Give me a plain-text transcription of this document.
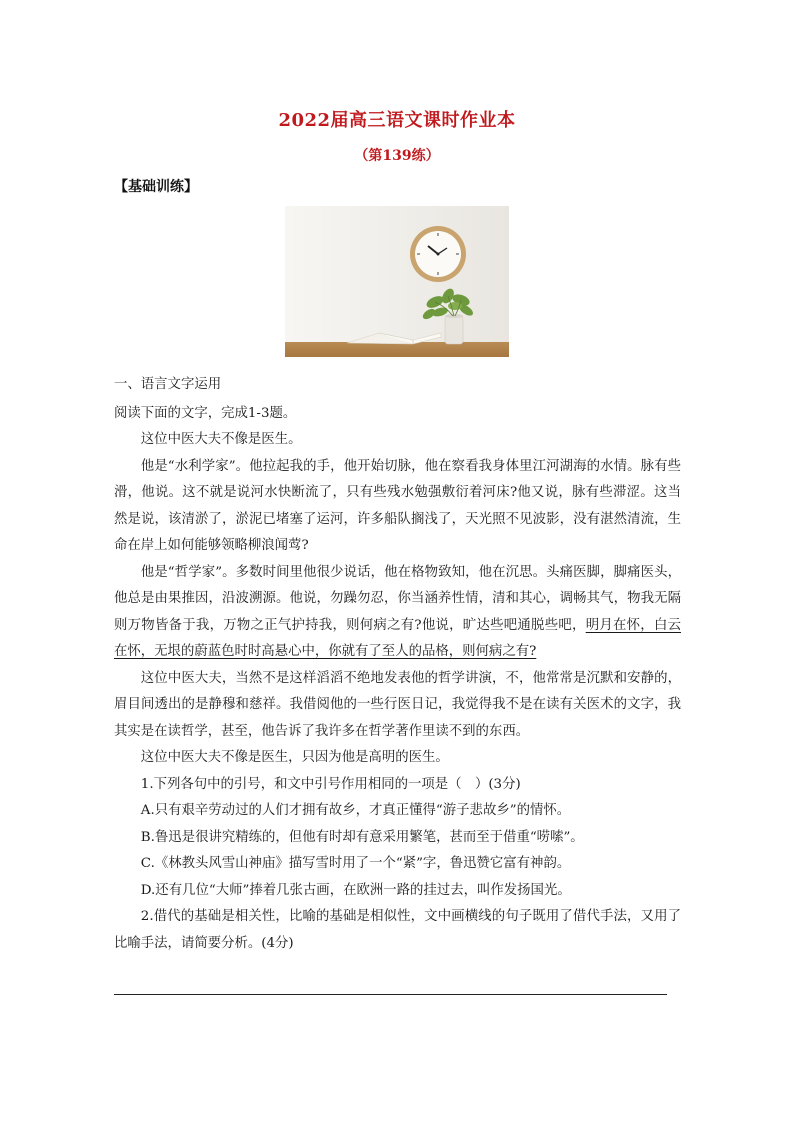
2022届高三语文课时作业本
（第139练）
【基础训练】

一、语言文字运用

阅读下面的文字，完成1-3题。

这位中医大夫不像是医生。

他是“水利学家”。他拉起我的手，他开始切脉，他在察看我身体里江河湖海的水情。脉有些滑，他说。这不就是说河水快断流了，只有些残水勉强敷衍着河床?他又说，脉有些滞涩。这当然是说，该清淤了，淤泥已堵塞了运河，许多船队搁浅了，天光照不见波影，没有湛然清流，生命在岸上如何能够领略柳浪闻莺?

他是“哲学家”。多数时间里他很少说话，他在格物致知，他在沉思。头痛医脚，脚痛医头，他总是由果推因，沿波溯源。他说，勿躁勿忍，你当涵养性情，清和其心，调畅其气，物我无隔则万物皆备于我，万物之正气护持我，则何病之有?他说，旷达些吧通脱些吧，明月在怀，白云在怀，无垠的蔚蓝色时时高悬心中，你就有了至人的品格，则何病之有?

这位中医大夫，当然不是这样滔滔不绝地发表他的哲学讲演，不，他常常是沉默和安静的，眉目间透出的是静穆和慈祥。我借阅他的一些行医日记，我觉得我不是在读有关医术的文字，我其实是在读哲学，甚至，他告诉了我许多在哲学著作里读不到的东西。

这位中医大夫不像是医生，只因为他是高明的医生。

1.下列各句中的引号，和文中引号作用相同的一项是（　）(3分)

A.只有艰辛劳动过的人们才拥有故乡，才真正懂得“游子悲故乡”的情怀。

B.鲁迅是很讲究精练的，但他有时却有意采用繁笔，甚而至于借重“唠嗦”。

C.《林教头风雪山神庙》描写雪时用了一个“紧”字，鲁迅赞它富有神韵。

D.还有几位“大师”捧着几张古画，在欧洲一路的挂过去，叫作发扬国光。

2.借代的基础是相关性，比喻的基础是相似性，文中画横线的句子既用了借代手法，又用了比喻手法，请简要分析。(4分)
